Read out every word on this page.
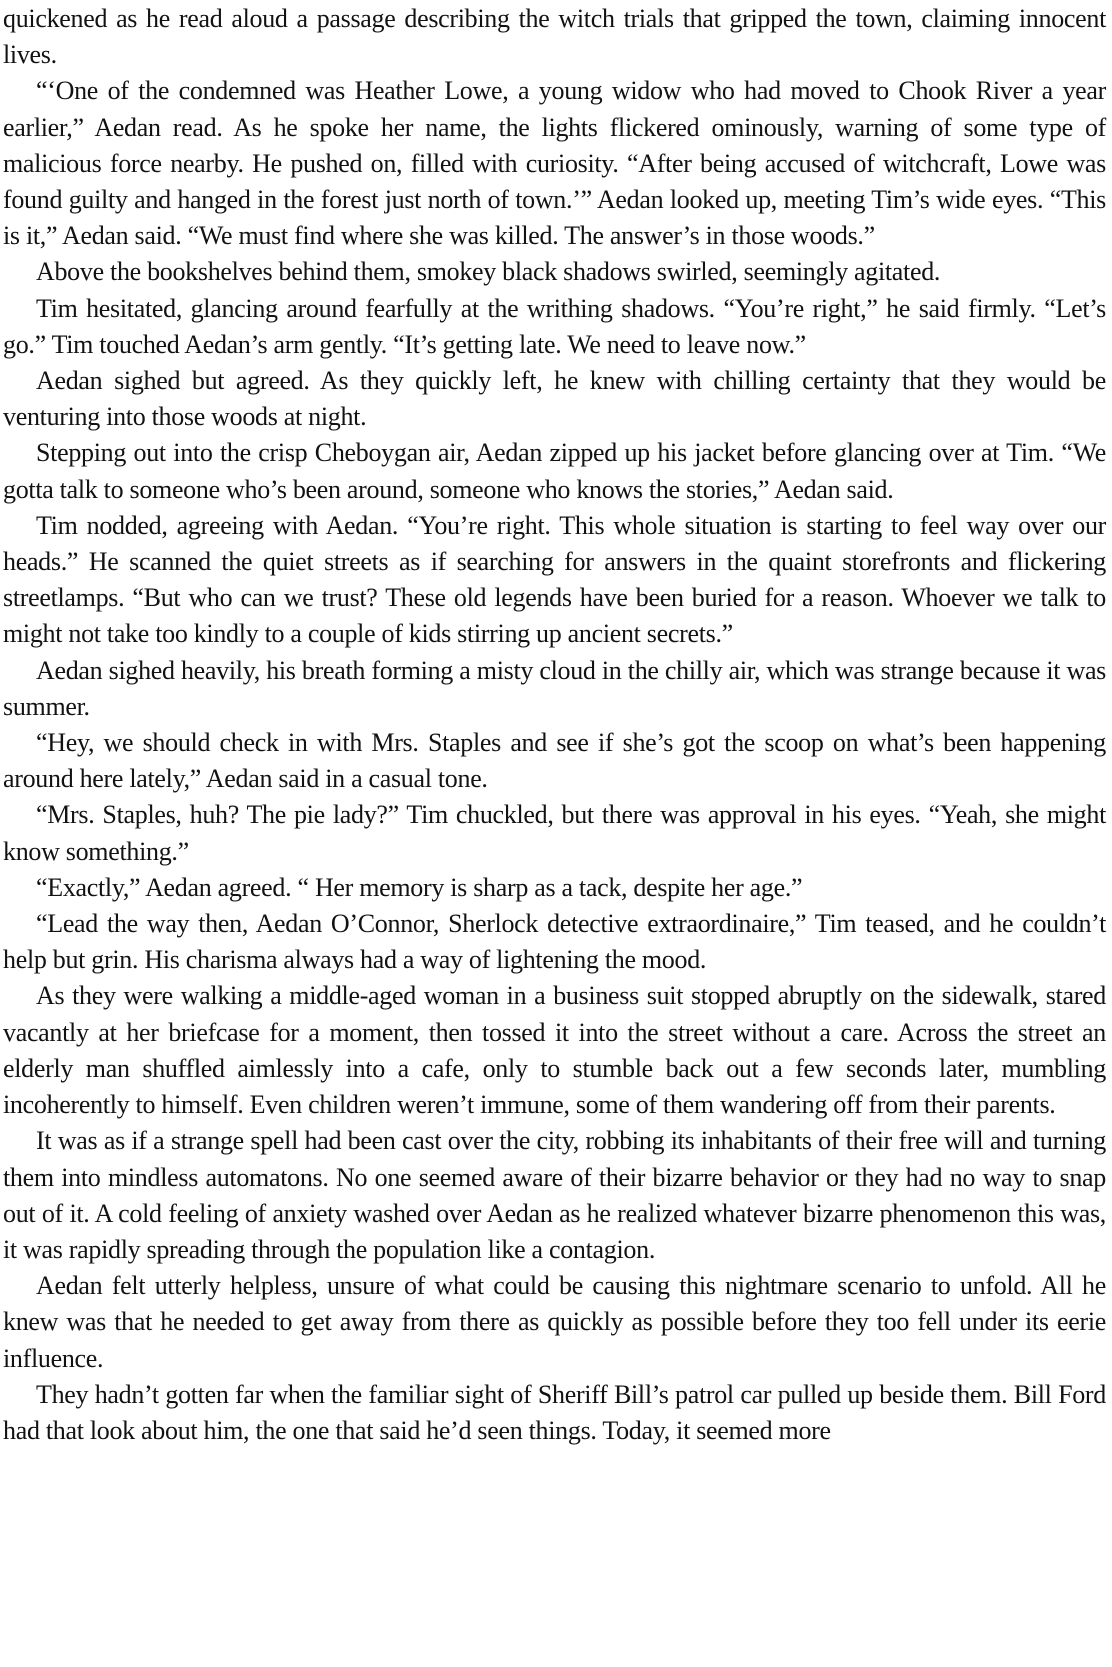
quickened as he read aloud a passage describing the witch trials that gripped the town, claiming innocent lives.

“‘One of the condemned was Heather Lowe, a young widow who had moved to Chook River a year earlier,” Aedan read. As he spoke her name, the lights flickered ominously, warning of some type of malicious force nearby. He pushed on, filled with curiosity. “After being accused of witchcraft, Lowe was found guilty and hanged in the forest just north of town.’” Aedan looked up, meeting Tim’s wide eyes. “This is it,” Aedan said. “We must find where she was killed. The answer’s in those woods.”

Above the bookshelves behind them, smokey black shadows swirled, seemingly agitated.

Tim hesitated, glancing around fearfully at the writhing shadows. “You’re right,” he said firmly. “Let’s go.” Tim touched Aedan’s arm gently. “It’s getting late. We need to leave now.”

Aedan sighed but agreed. As they quickly left, he knew with chilling certainty that they would be venturing into those woods at night.

Stepping out into the crisp Cheboygan air, Aedan zipped up his jacket before glancing over at Tim. “We gotta talk to someone who’s been around, someone who knows the stories,” Aedan said.

Tim nodded, agreeing with Aedan. “You’re right. This whole situation is starting to feel way over our heads.” He scanned the quiet streets as if searching for answers in the quaint storefronts and flickering streetlamps. “But who can we trust? These old legends have been buried for a reason. Whoever we talk to might not take too kindly to a couple of kids stirring up ancient secrets.”

Aedan sighed heavily, his breath forming a misty cloud in the chilly air, which was strange because it was summer.

“Hey, we should check in with Mrs. Staples and see if she’s got the scoop on what’s been happening around here lately,” Aedan said in a casual tone.

“Mrs. Staples, huh? The pie lady?” Tim chuckled, but there was approval in his eyes. “Yeah, she might know something.”

“Exactly,” Aedan agreed. “ Her memory is sharp as a tack, despite her age.”

“Lead the way then, Aedan O’Connor, Sherlock detective extraordinaire,” Tim teased, and he couldn’t help but grin. His charisma always had a way of lightening the mood.

As they were walking a middle-aged woman in a business suit stopped abruptly on the sidewalk, stared vacantly at her briefcase for a moment, then tossed it into the street without a care. Across the street an elderly man shuffled aimlessly into a cafe, only to stumble back out a few seconds later, mumbling incoherently to himself. Even children weren’t immune, some of them wandering off from their parents.

It was as if a strange spell had been cast over the city, robbing its inhabitants of their free will and turning them into mindless automatons. No one seemed aware of their bizarre behavior or they had no way to snap out of it. A cold feeling of anxiety washed over Aedan as he realized whatever bizarre phenomenon this was, it was rapidly spreading through the population like a contagion.

Aedan felt utterly helpless, unsure of what could be causing this nightmare scenario to unfold. All he knew was that he needed to get away from there as quickly as possible before they too fell under its eerie influence.

They hadn’t gotten far when the familiar sight of Sheriff Bill’s patrol car pulled up beside them. Bill Ford had that look about him, the one that said he’d seen things. Today, it seemed more
